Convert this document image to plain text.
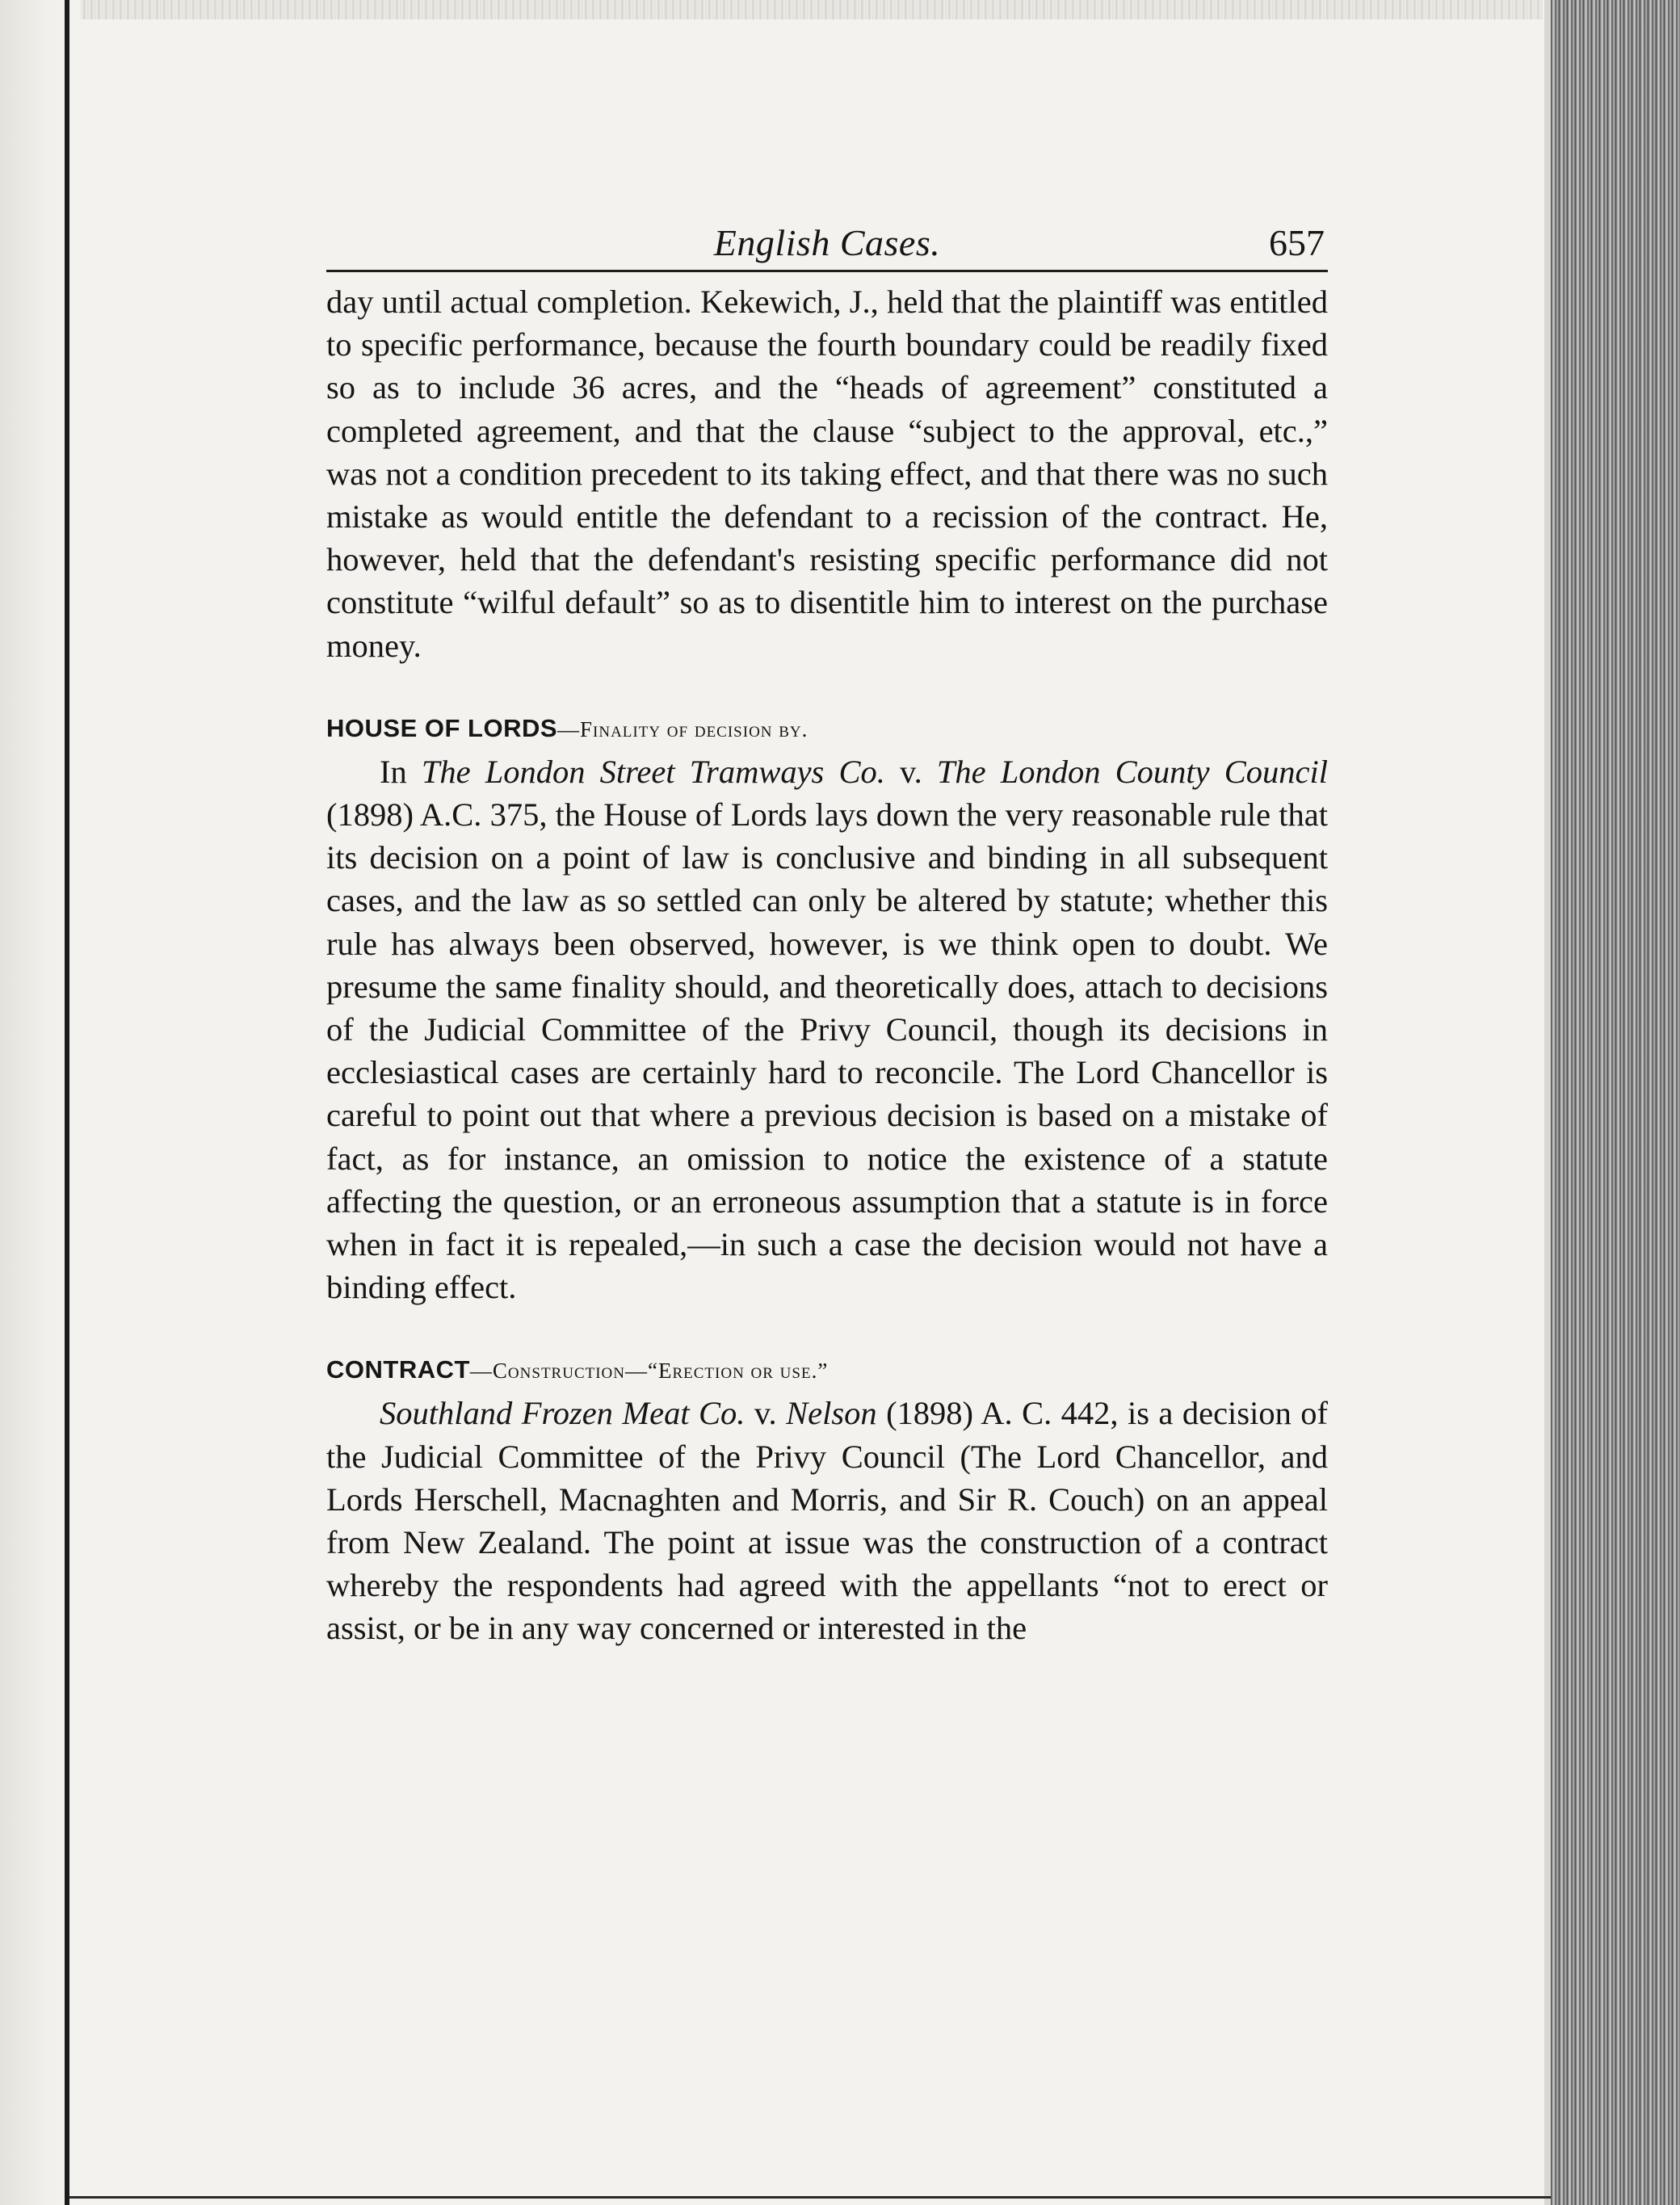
English Cases.	657

day until actual completion. Kekewich, J., held that the plaintiff was entitled to specific performance, because the fourth boundary could be readily fixed so as to include 36 acres, and the “heads of agreement” constituted a completed agreement, and that the clause “subject to the approval, etc.,” was not a condition precedent to its taking effect, and that there was no such mistake as would entitle the defendant to a recission of the contract. He, however, held that the defendant's resisting specific performance did not constitute “wilful default” so as to disentitle him to interest on the purchase money.

HOUSE OF LORDS—Finality of decision by.

In The London Street Tramways Co. v. The London County Council (1898) A.C. 375, the House of Lords lays down the very reasonable rule that its decision on a point of law is conclusive and binding in all subsequent cases, and the law as so settled can only be altered by statute; whether this rule has always been observed, however, is we think open to doubt. We presume the same finality should, and theoretically does, attach to decisions of the Judicial Committee of the Privy Council, though its decisions in ecclesiastical cases are certainly hard to reconcile. The Lord Chancellor is careful to point out that where a previous decision is based on a mistake of fact, as for instance, an omission to notice the existence of a statute affecting the question, or an erroneous assumption that a statute is in force when in fact it is repealed,—in such a case the decision would not have a binding effect.

CONTRACT—Construction—“Erection or use.”

Southland Frozen Meat Co. v. Nelson (1898) A. C. 442, is a decision of the Judicial Committee of the Privy Council (The Lord Chancellor, and Lords Herschell, Macnaghten and Morris, and Sir R. Couch) on an appeal from New Zealand. The point at issue was the construction of a contract whereby the respondents had agreed with the appellants “not to erect or assist, or be in any way concerned or interested in the
